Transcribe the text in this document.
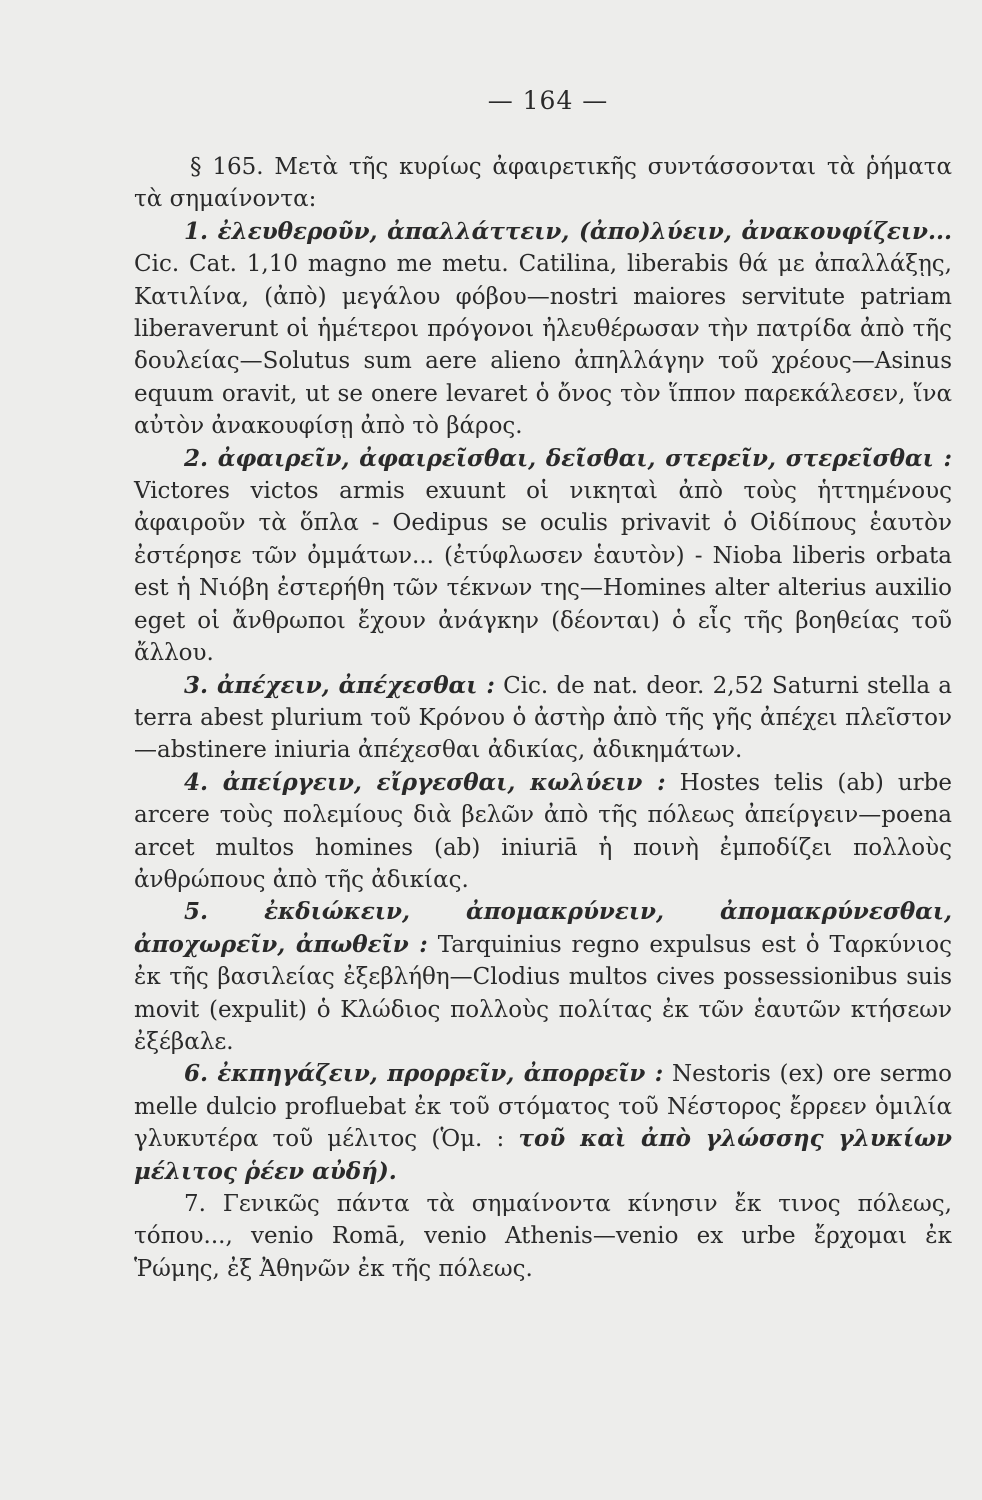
— 164 —

§ 165. Μετὰ τῆς κυρίως ἀφαιρετικῆς συντάσσονται τὰ ῥήματα τὰ σημαίνοντα:

1. ἐλευθεροῦν, ἀπαλλάττειν, (ἀπο)λύειν, ἀνακουφίζειν... Cic. Cat. 1,10 magno me metu. Catilina, liberabis θά με ἀπαλλάξῃς, Κατιλίνα, (ἀπὸ) μεγάλου φόβου—nostri maiores servitute patriam liberaverunt οἱ ἡμέτεροι πρόγονοι ἠλευθέρωσαν τὴν πατρίδα ἀπὸ τῆς δουλείας—Solutus sum aere alieno ἀπηλλάγην τοῦ χρέους—Asinus equum oravit, ut se onere levaret ὁ ὄνος τὸν ἵππον παρεκάλεσεν, ἵνα αὐτὸν ἀνακουφίσῃ ἀπὸ τὸ βάρος.

2. ἀφαιρεῖν, ἀφαιρεῖσθαι, δεῖσθαι, στερεῖν, στερεῖσθαι : Victores victos armis exuunt οἱ νικηταὶ ἀπὸ τοὺς ἡττημένους ἀφαιροῦν τὰ ὅπλα - Oedipus se oculis privavit ὁ Οἰδίπους ἑαυτὸν ἐστέρησε τῶν ὀμμάτων... (ἐτύφλωσεν ἑαυτὸν) - Nioba liberis orbata est ἡ Νιόβη ἐστερήθη τῶν τέκνων της—Homines alter alterius auxilio eget οἱ ἄνθρωποι ἔχουν ἀνάγκην (δέονται) ὁ εἷς τῆς βοηθείας τοῦ ἄλλου.

3. ἀπέχειν, ἀπέχεσθαι : Cic. de nat. deor. 2,52 Saturni stella a terra abest plurium τοῦ Κρόνου ὁ ἀστὴρ ἀπὸ τῆς γῆς ἀπέχει πλεῖστον—abstinere iniuria ἀπέχεσθαι ἀδικίας, ἀδικημάτων.

4. ἀπείργειν, εἴργεσθαι, κωλύειν : Hostes telis (ab) urbe arcere τοὺς πολεμίους διὰ βελῶν ἀπὸ τῆς πόλεως ἀπείργειν—poena arcet multos homines (ab) iniuriā ἡ ποινὴ ἐμποδίζει πολλοὺς ἀνθρώπους ἀπὸ τῆς ἀδικίας.

5. ἐκδιώκειν, ἀπομακρύνειν, ἀπομακρύνεσθαι, ἀποχωρεῖν, ἀπωθεῖν : Tarquinius regno expulsus est ὁ Ταρκύνιος ἐκ τῆς βασιλείας ἐξεβλήθη—Clodius multos cives possessionibus suis movit (expulit) ὁ Κλώδιος πολλοὺς πολίτας ἐκ τῶν ἑαυτῶν κτήσεων ἐξέβαλε.

6. ἐκπηγάζειν, προρρεῖν, ἀπορρεῖν : Nestoris (ex) ore sermo melle dulcio profluebat ἐκ τοῦ στόματος τοῦ Νέστορος ἔρρεεν ὁμιλία γλυκυτέρα τοῦ μέλιτος (Ὁμ. : τοῦ καὶ ἀπὸ γλώσσης γλυκίων μέλιτος ῥέεν αὐδή).

7. Γενικῶς πάντα τὰ σημαίνοντα κίνησιν ἔκ τινος πόλεως, τόπου..., venio Romā, venio Athenis—venio ex urbe ἔρχομαι ἐκ Ῥώμης, ἐξ Ἀθηνῶν ἐκ τῆς πόλεως.
